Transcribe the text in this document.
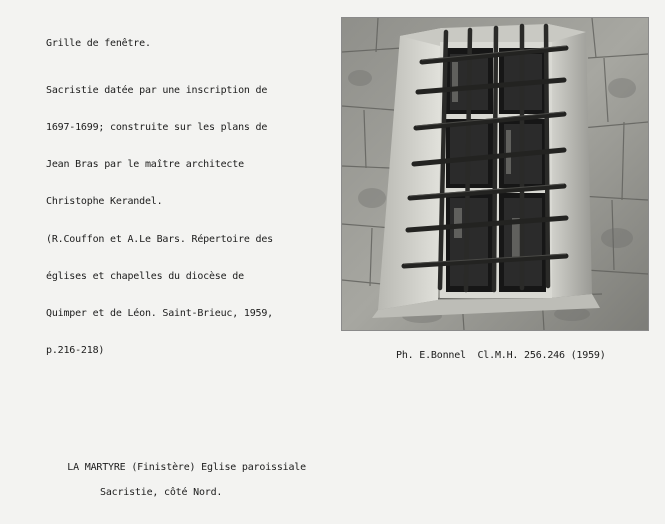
Grille de fenêtre.

Sacristie datée par une inscription de

1697-1699; construite sur les plans de

Jean Bras par le maître architecte

Christophe Kerandel.

(R.Couffon et A.Le Bars. Répertoire des

églises et chapelles du diocèse de

Quimper et de Léon. Saint-Brieuc, 1959,

p.216-218)

	Ph. E.Bonnel  Cl.M.H. 256.246 (1959)

LA MARTYRE (Finistère) Eglise paroissiale

Sacristie, côté Nord.
